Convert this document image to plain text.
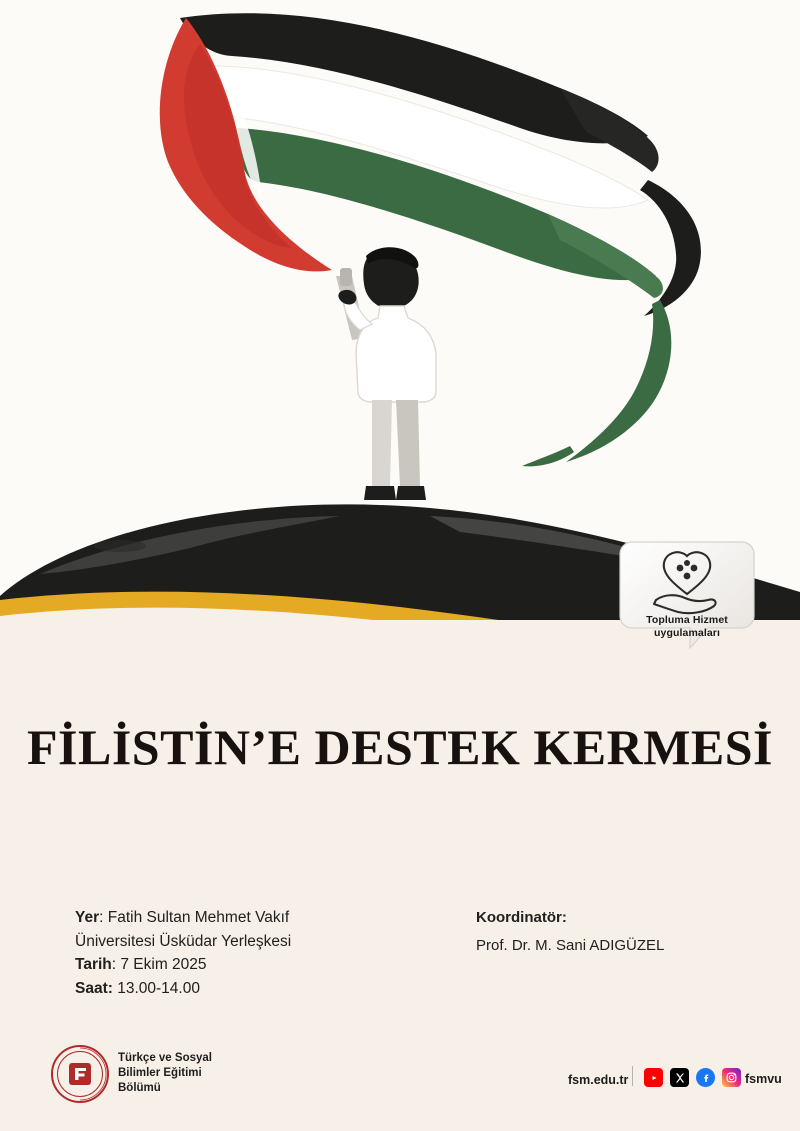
Topluma Hizmet
uygulamaları
FİLİSTİN’E DESTEK KERMESİ
Yer: Fatih Sultan Mehmet Vakıf
Üniversitesi Üsküdar Yerleşkesi
Tarih: 7 Ekim 2025
Saat: 13.00-14.00
Koordinatör:
Prof. Dr. M. Sani ADIGÜZEL
Türkçe ve Sosyal
Bilimler Eğitimi
Bölümü
fsm.edu.tr	fsmvu
